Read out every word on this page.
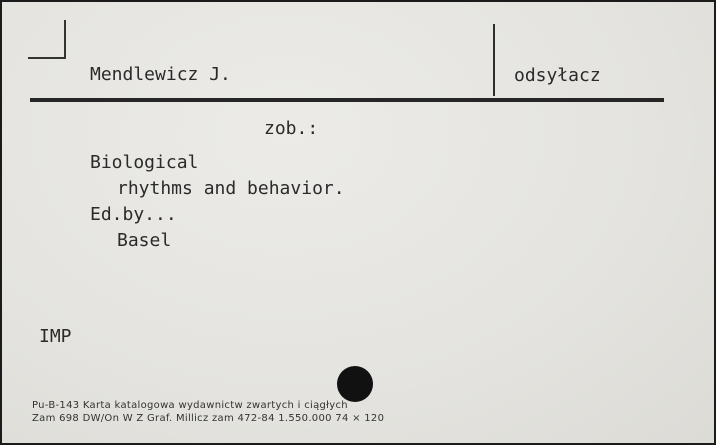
Mendlewicz J.	odsyłacz
zob.:
Biological
rhythms and behavior.
Ed.by...
Basel
IMP
Pu-B-143 Karta katalogowa wydawnictw zwartych i ciągłych
Zam 698 DW/On W Z Graf. Millicz zam 472-84 1.550.000 74 × 120
